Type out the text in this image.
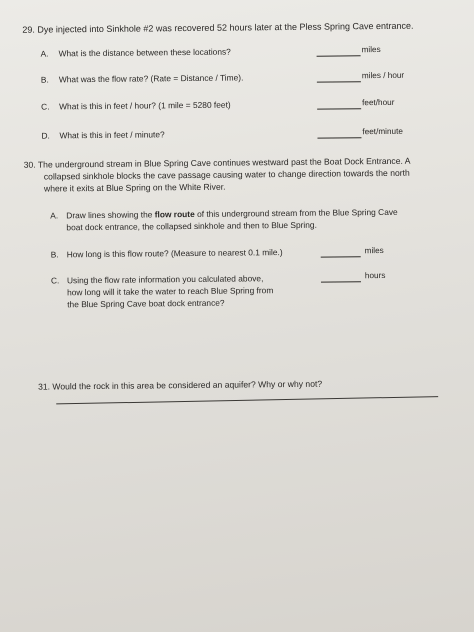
29. Dye injected into Sinkhole #2 was recovered 52 hours later at the Pless Spring Cave entrance.
A. What is the distance between these locations?	miles
B. What was the flow rate? (Rate = Distance / Time).	miles / hour
C. What is this in feet / hour? (1 mile = 5280 feet)	feet/hour
D. What is this in feet / minute?	feet/minute
30. The underground stream in Blue Spring Cave continues westward past the Boat Dock Entrance. A
collapsed sinkhole blocks the cave passage causing water to change direction towards the north
where it exits at Blue Spring on the White River.
A. Draw lines showing the flow route of this underground stream from the Blue Spring Cave
boat dock entrance, the collapsed sinkhole and then to Blue Spring.
B. How long is this flow route? (Measure to nearest 0.1 mile.)	miles
C. Using the flow rate information you calculated above,
how long will it take the water to reach Blue Spring from
the Blue Spring Cave boat dock entrance?
hours
31. Would the rock in this area be considered an aquifer? Why or why not?
